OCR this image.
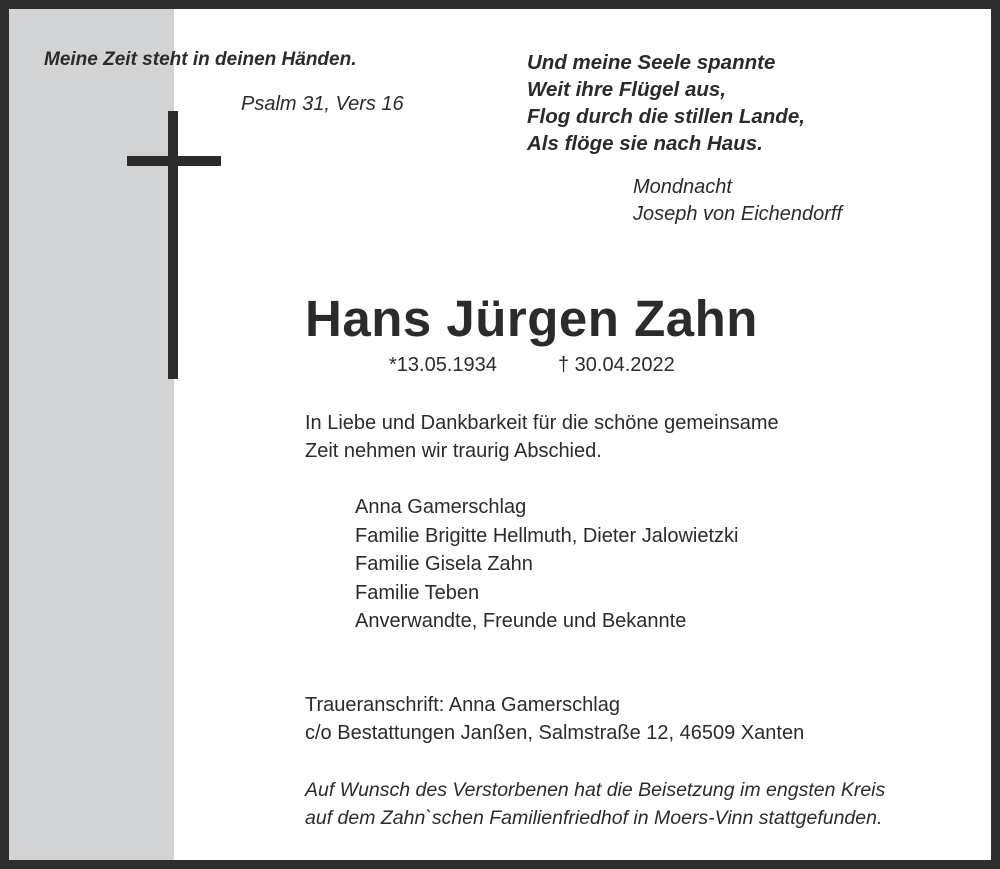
Meine Zeit steht in deinen Händen.
Psalm 31, Vers 16
Und meine Seele spannte
Weit ihre Flügel aus,
Flog durch die stillen Lande,
Als flöge sie nach Haus.
Mondnacht
Joseph von Eichendorff
Hans Jürgen Zahn
*13.05.1934	† 30.04.2022
In Liebe und Dankbarkeit für die schöne gemeinsame
Zeit nehmen wir traurig Abschied.
Anna Gamerschlag
Familie Brigitte Hellmuth, Dieter Jalowietzki
Familie Gisela Zahn
Familie Teben
Anverwandte, Freunde und Bekannte
Traueranschrift: Anna Gamerschlag
c/o Bestattungen Janßen, Salmstraße 12, 46509 Xanten
Auf Wunsch des Verstorbenen hat die Beisetzung im engsten Kreis
auf dem Zahn`schen Familienfriedhof in Moers-Vinn stattgefunden.
